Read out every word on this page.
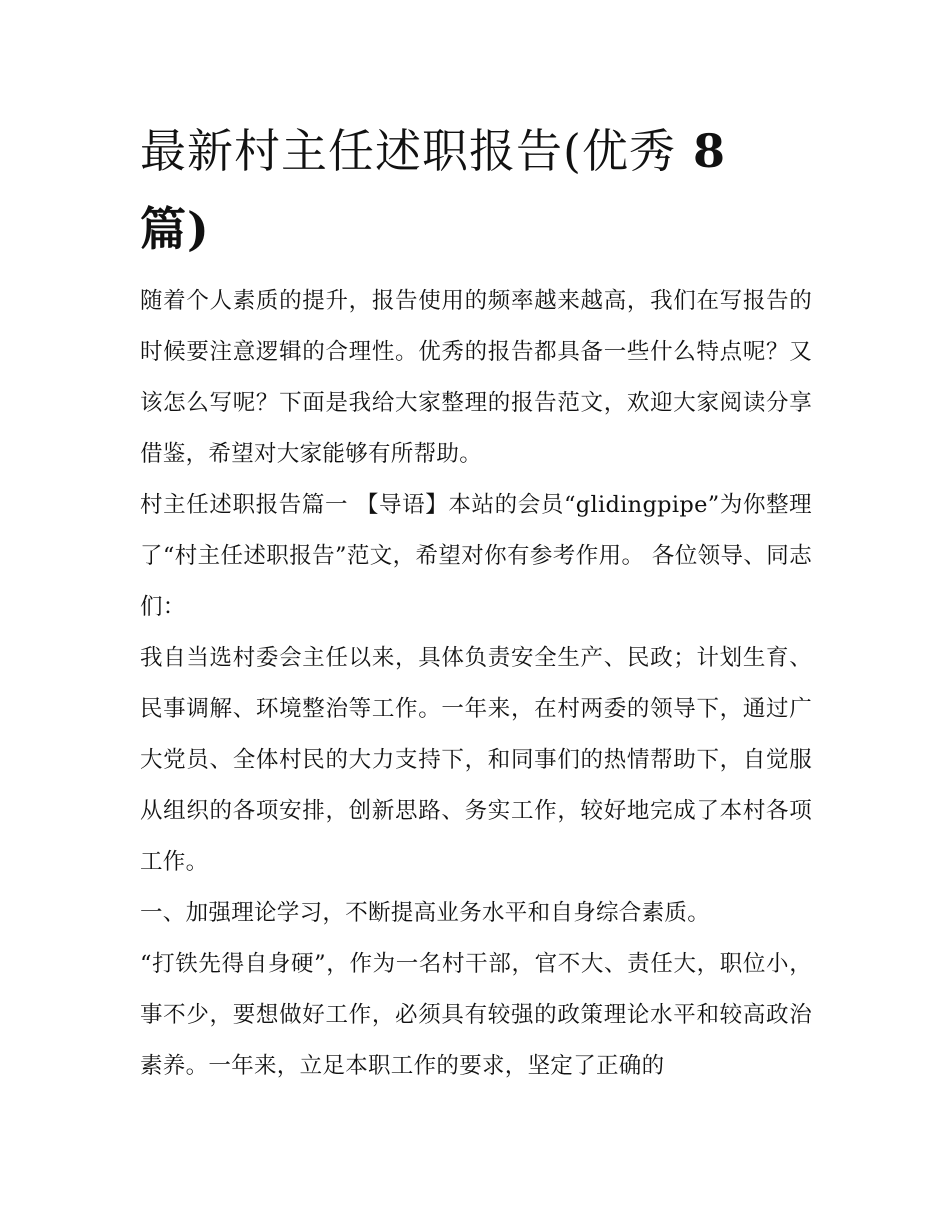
最新村主任述职报告(优秀 8 篇)

随着个人素质的提升，报告使用的频率越来越高，我们在写报告的时候要注意逻辑的合理性。优秀的报告都具备一些什么特点呢？又该怎么写呢？下面是我给大家整理的报告范文，欢迎大家阅读分享借鉴，希望对大家能够有所帮助。

村主任述职报告篇一 【导语】本站的会员“glidingpipe”为你整理了“村主任述职报告”范文，希望对你有参考作用。 各位领导、同志们：

我自当选村委会主任以来，具体负责安全生产、民政；计划生育、民事调解、环境整治等工作。一年来，在村两委的领导下，通过广大党员、全体村民的大力支持下，和同事们的热情帮助下，自觉服从组织的各项安排，创新思路、务实工作，较好地完成了本村各项工作。

一、加强理论学习，不断提高业务水平和自身综合素质。

“打铁先得自身硬”，作为一名村干部，官不大、责任大，职位小，事不少，要想做好工作，必须具有较强的政策理论水平和较高政治素养。一年来，立足本职工作的要求，坚定了正确的
